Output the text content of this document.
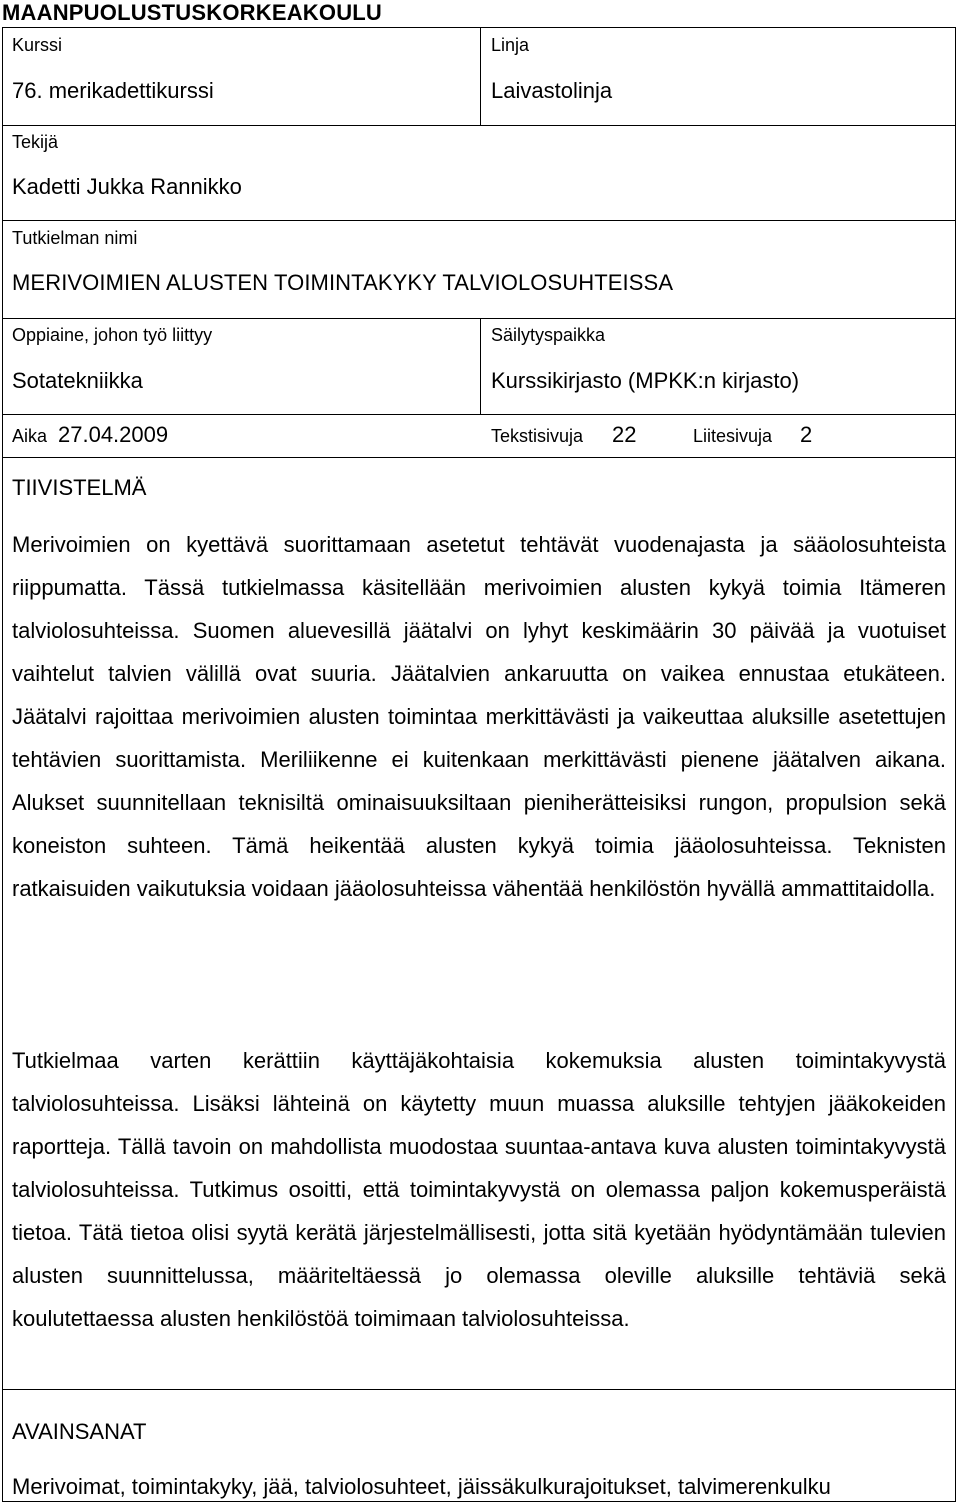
MAANPUOLUSTUSKORKEAKOULU
Kurssi
76. merikadettikurssi
Linja
Laivastolinja
Tekijä
Kadetti Jukka Rannikko
Tutkielman nimi
MERIVOIMIEN ALUSTEN TOIMINTAKYKY TALVIOLOSUHTEISSA
Oppiaine, johon työ liittyy
Sotatekniikka
Säilytyspaikka
Kurssikirjasto (MPKK:n kirjasto)
Aika 27.04.2009	Tekstisivuja 22	Liitesivuja 2
TIIVISTELMÄ

Merivoimien on kyettävä suorittamaan asetetut tehtävät vuodenajasta ja sääolosuhteista riippumatta. Tässä tutkielmassa käsitellään merivoimien alusten kykyä toimia Itämeren talviolosuhteissa. Suomen aluevesillä jäätalvi on lyhyt keskimäärin 30 päivää ja vuotuiset vaihtelut talvien välillä ovat suuria. Jäätalvien ankaruutta on vaikea ennustaa etukäteen. Jäätalvi rajoittaa merivoimien alusten toimintaa merkittävästi ja vaikeuttaa aluksille asetettujen tehtävien suorittamista. Meriliikenne ei kuitenkaan merkittävästi pienene jäätalven aikana. Alukset suunnitellaan teknisiltä ominaisuuksiltaan pieniherätteisiksi rungon, propulsion sekä koneiston suhteen. Tämä heikentää alusten kykyä toimia jääolosuhteissa. Teknisten ratkaisuiden vaikutuksia voidaan jääolosuhteissa vähentää henkilöstön hyvällä ammattitaidolla.

Tutkielmaa varten kerättiin käyttäjäkohtaisia kokemuksia alusten toimintakyvystä talviolosuhteissa. Lisäksi lähteinä on käytetty muun muassa aluksille tehtyjen jääkokeiden raportteja. Tällä tavoin on mahdollista muodostaa suuntaa-antava kuva alusten toimintakyvystä talviolosuhteissa. Tutkimus osoitti, että toimintakyvystä on olemassa paljon kokemusperäistä tietoa. Tätä tietoa olisi syytä kerätä järjestelmällisesti, jotta sitä kyetään hyödyntämään tulevien alusten suunnittelussa, määriteltäessä jo olemassa oleville aluksille tehtäviä sekä koulutettaessa alusten henkilöstöä toimimaan talviolosuhteissa.

AVAINSANAT
Merivoimat, toimintakyky, jää, talviolosuhteet, jäissäkulkurajoitukset, talvimerenkulku
